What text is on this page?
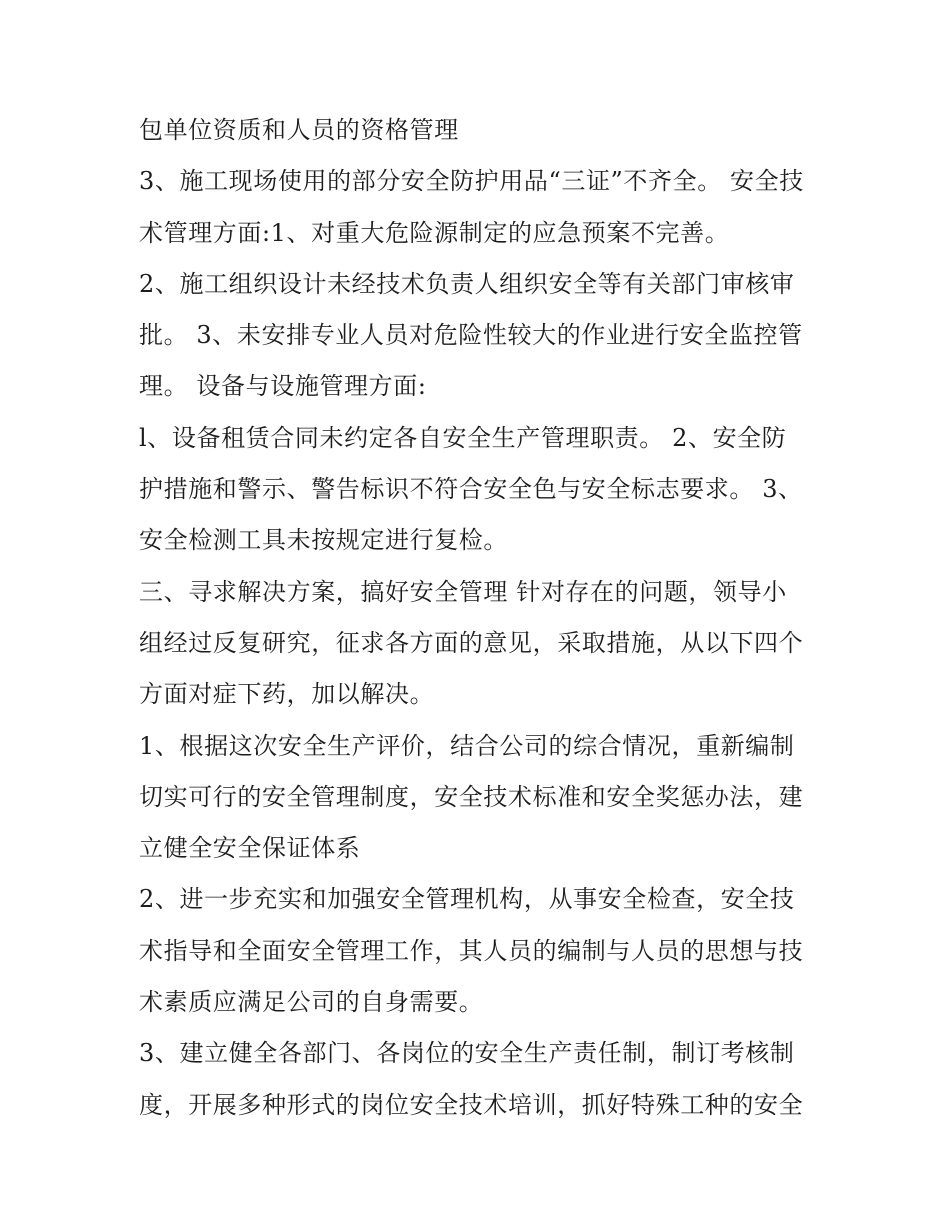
包单位资质和人员的资格管理
3、施工现场使用的部分安全防护用品“三证”不齐全。 安全技
术管理方面:1、对重大危险源制定的应急预案不完善。
2、施工组织设计未经技术负责人组织安全等有关部门审核审
批。 3、未安排专业人员对危险性较大的作业进行安全监控管
理。 设备与设施管理方面:
l、设备租赁合同未约定各自安全生产管理职责。 2、安全防
护措施和警示、警告标识不符合安全色与安全标志要求。 3、
安全检测工具未按规定进行复检。
三、寻求解决方案，搞好安全管理 针对存在的问题，领导小
组经过反复研究，征求各方面的意见，采取措施，从以下四个
方面对症下药，加以解决。
1、根据这次安全生产评价，结合公司的综合情况，重新编制
切实可行的安全管理制度，安全技术标准和安全奖惩办法，建
立健全安全保证体系
2、进一步充实和加强安全管理机构，从事安全检查，安全技
术指导和全面安全管理工作，其人员的编制与人员的思想与技
术素质应满足公司的自身需要。
3、建立健全各部门、各岗位的安全生产责任制，制订考核制
度，开展多种形式的岗位安全技术培训，抓好特殊工种的安全
